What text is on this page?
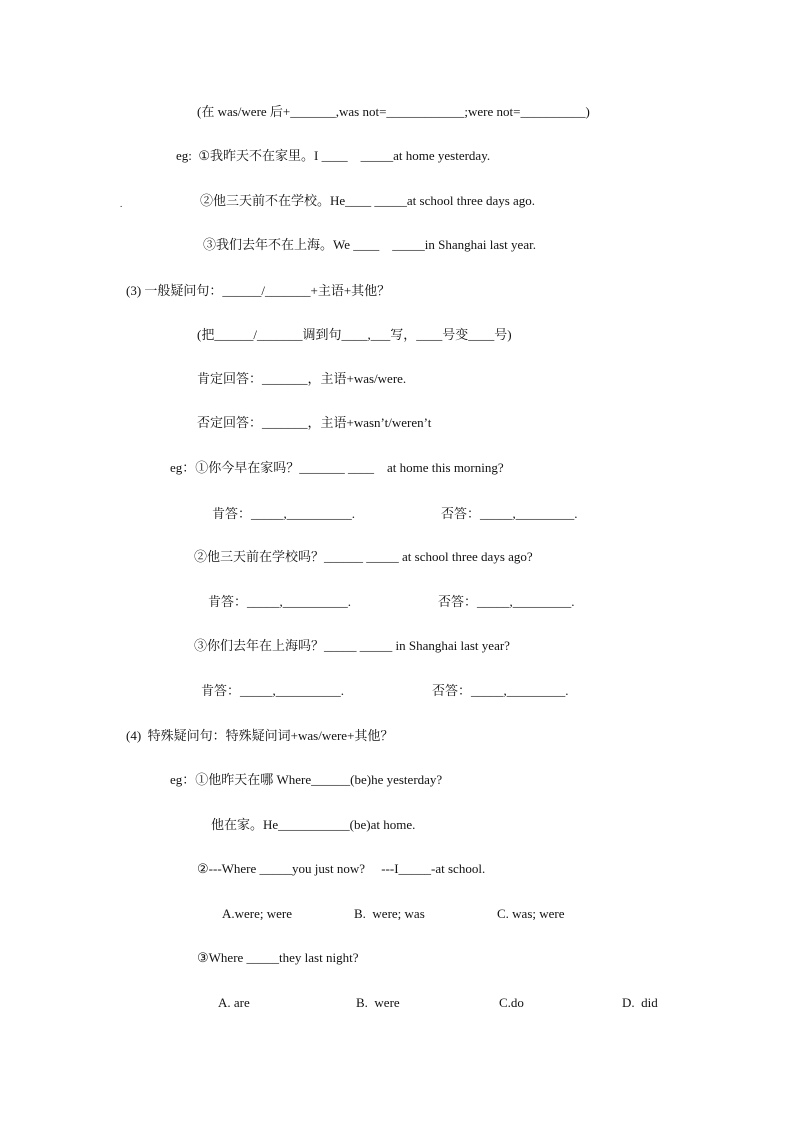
.
(在 was/were 后+_______,was not=____________;were not=__________)
eg:  ①我昨天不在家里。I ____    _____at home yesterday.
②他三天前不在学校。He____ _____at school three days ago.
③我们去年不在上海。We ____    _____in Shanghai last year.
(3) 一般疑问句：______/_______+主语+其他？
(把______/_______调到句____,___写，____号变____号)
肯定回答：_______，主语+was/were.
否定回答：_______，主语+wasn’t/weren’t
eg：①你今早在家吗？_______ ____    at home this morning?
肯答：_____,__________.	否答：_____,_________.
②他三天前在学校吗？______ _____ at school three days ago?
肯答：_____,__________.	否答：_____,_________.
③你们去年在上海吗？_____ _____ in Shanghai last year?
肯答：_____,__________.	否答：_____,_________.
(4)  特殊疑问句：特殊疑问词+was/were+其他？
eg：①他昨天在哪 Where______(be)he yesterday?
他在家。He___________(be)at home.
②---Where _____you just now?     ---I_____-at school.
A.were; were	B.  were; was	C. was; were
③Where _____they last night?
A. are	B.  were	C.do	D.  did
